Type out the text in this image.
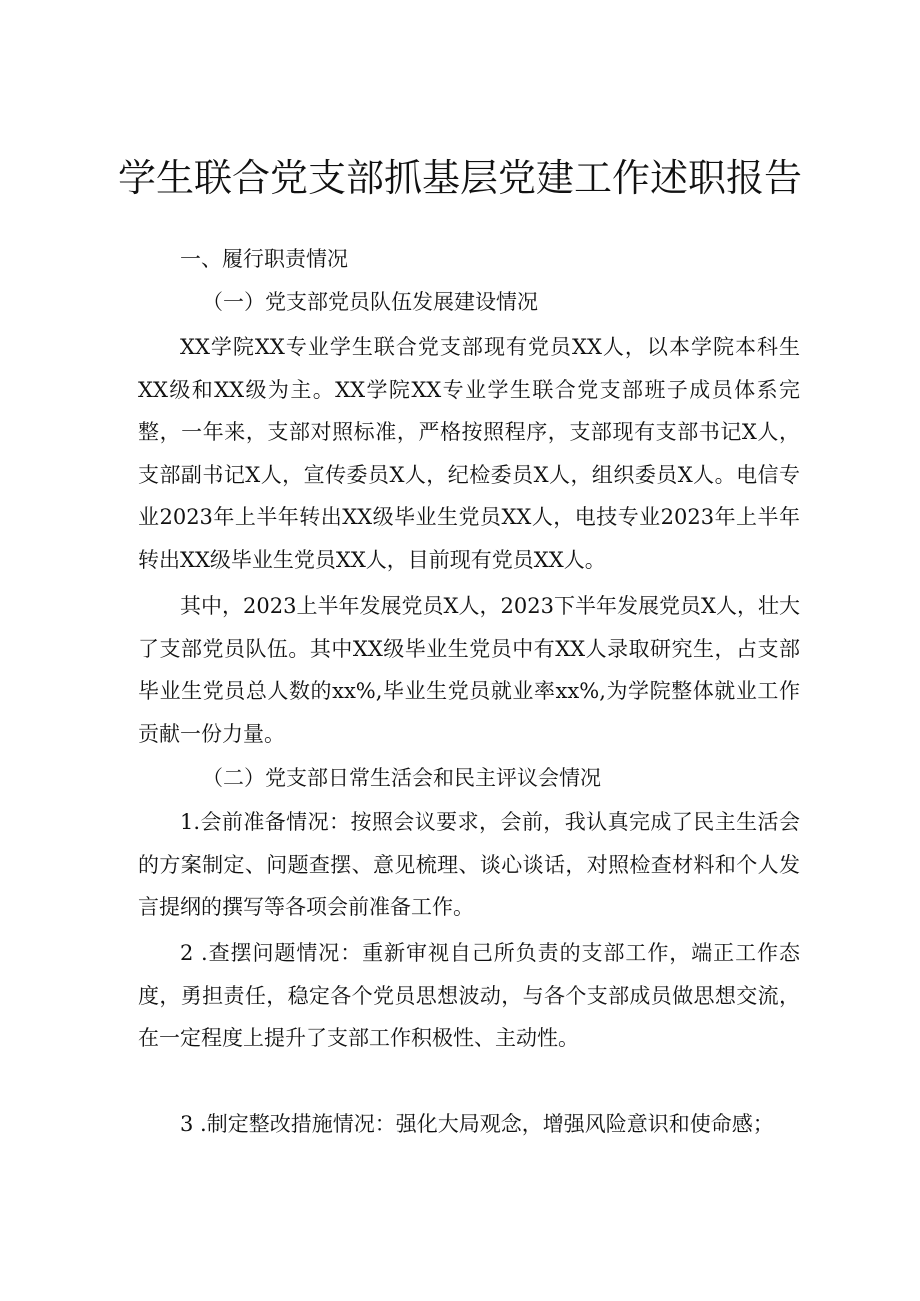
学生联合党支部抓基层党建工作述职报告

一、履行职责情况

（一）党支部党员队伍发展建设情况

XX学院XX专业学生联合党支部现有党员XX人，以本学院本科生XX级和XX级为主。XX学院XX专业学生联合党支部班子成员体系完整，一年来，支部对照标准，严格按照程序，支部现有支部书记X人，支部副书记X人，宣传委员X人，纪检委员X人，组织委员X人。电信专业2023年上半年转出XX级毕业生党员XX人，电技专业2023年上半年转出XX级毕业生党员XX人，目前现有党员XX人。

其中，2023上半年发展党员X人，2023下半年发展党员X人，壮大了支部党员队伍。其中XX级毕业生党员中有XX人录取研究生，占支部毕业生党员总人数的xx%,毕业生党员就业率xx%,为学院整体就业工作贡献一份力量。

（二）党支部日常生活会和民主评议会情况

1.会前准备情况：按照会议要求，会前，我认真完成了民主生活会的方案制定、问题查摆、意见梳理、谈心谈话，对照检查材料和个人发言提纲的撰写等各项会前准备工作。

2 .查摆问题情况：重新审视自己所负责的支部工作，端正工作态度，勇担责任，稳定各个党员思想波动，与各个支部成员做思想交流，在一定程度上提升了支部工作积极性、主动性。

3 .制定整改措施情况：强化大局观念，增强风险意识和使命感；
